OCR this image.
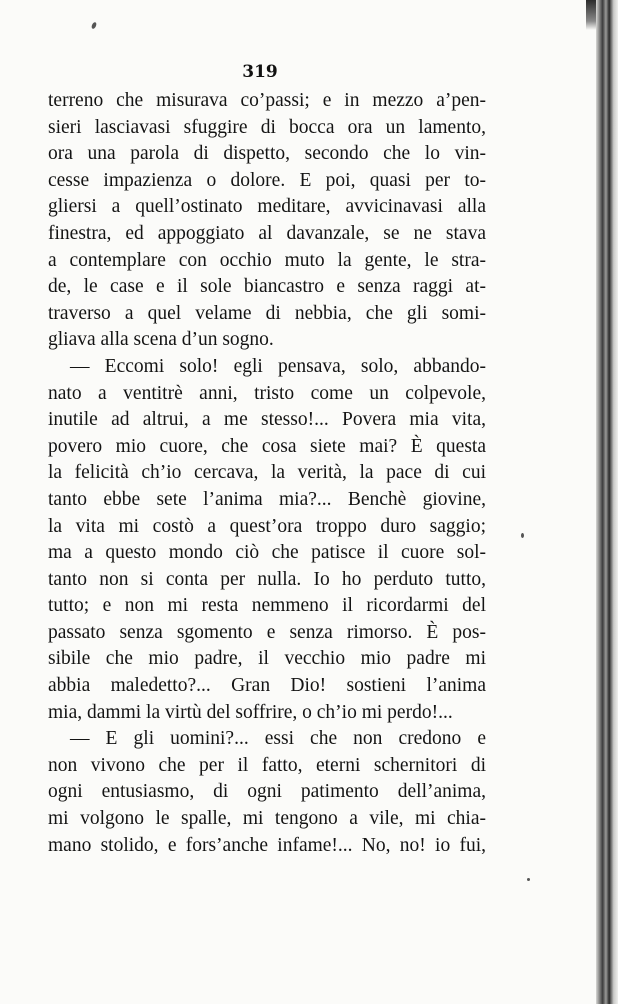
319
terreno che misurava co’passi; e in mezzo a’pen-
sieri lasciavasi sfuggire di bocca ora un lamento,
ora una parola di dispetto, secondo che lo vin-
cesse impazienza o dolore. E poi, quasi per to-
gliersi a quell’ostinato meditare, avvicinavasi alla
finestra, ed appoggiato al davanzale, se ne stava
a contemplare con occhio muto la gente, le stra-
de, le case e il sole biancastro e senza raggi at-
traverso a quel velame di nebbia, che gli somi-
gliava alla scena d’un sogno.
— Eccomi solo! egli pensava, solo, abbando-
nato a ventitrè anni, tristo come un colpevole,
inutile ad altrui, a me stesso!... Povera mia vita,
povero mio cuore, che cosa siete mai? È questa
la felicità ch’io cercava, la verità, la pace di cui
tanto ebbe sete l’anima mia?... Benchè giovine,
la vita mi costò a quest’ora troppo duro saggio;
ma a questo mondo ciò che patisce il cuore sol-
tanto non si conta per nulla. Io ho perduto tutto,
tutto; e non mi resta nemmeno il ricordarmi del
passato senza sgomento e senza rimorso. È pos-
sibile che mio padre, il vecchio mio padre mi
abbia maledetto?... Gran Dio! sostieni l’anima
mia, dammi la virtù del soffrire, o ch’io mi perdo!...
— E gli uomini?... essi che non credono e
non vivono che per il fatto, eterni schernitori di
ogni entusiasmo, di ogni patimento dell’anima,
mi volgono le spalle, mi tengono a vile, mi chia-
mano stolido, e fors’anche infame!... No, no! io fui,
